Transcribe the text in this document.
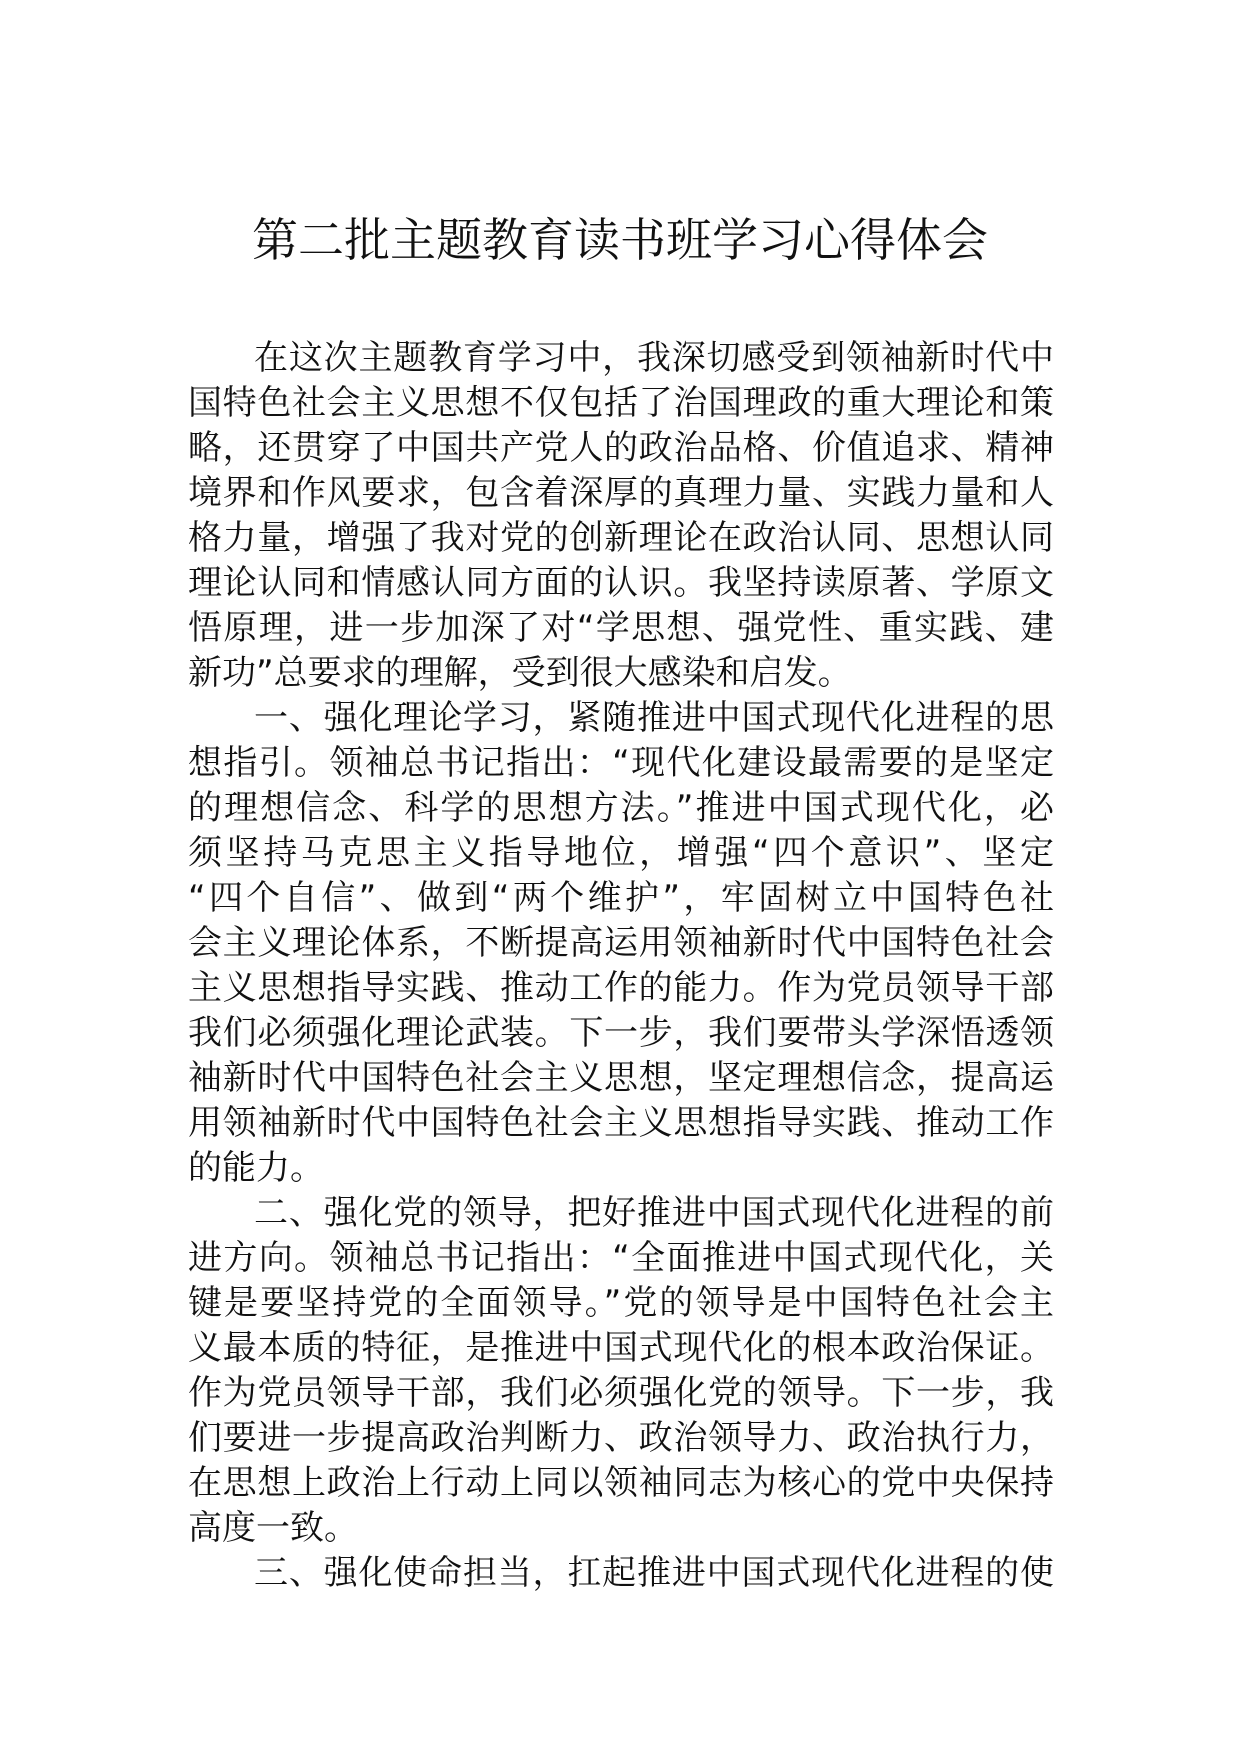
第二批主题教育读书班学习心得体会
在这次主题教育学习中，我深切感受到领袖新时代中
国特色社会主义思想不仅包括了治国理政的重大理论和策
略，还贯穿了中国共产党人的政治品格、价值追求、精神
境界和作风要求，包含着深厚的真理力量、实践力量和人
格力量，增强了我对党的创新理论在政治认同、思想认同
理论认同和情感认同方面的认识。我坚持读原著、学原文
悟原理，进一步加深了对“学思想、强党性、重实践、建
新功”总要求的理解，受到很大感染和启发。
一、强化理论学习，紧随推进中国式现代化进程的思
想指引。领袖总书记指出：“现代化建设最需要的是坚定
的理想信念、科学的思想方法。”推进中国式现代化，必
须坚持马克思主义指导地位，增强“四个意识”、坚定
“四个自信”、做到“两个维护”，牢固树立中国特色社
会主义理论体系，不断提高运用领袖新时代中国特色社会
主义思想指导实践、推动工作的能力。作为党员领导干部
我们必须强化理论武装。下一步，我们要带头学深悟透领
袖新时代中国特色社会主义思想，坚定理想信念，提高运
用领袖新时代中国特色社会主义思想指导实践、推动工作
的能力。
二、强化党的领导，把好推进中国式现代化进程的前
进方向。领袖总书记指出：“全面推进中国式现代化，关
键是要坚持党的全面领导。”党的领导是中国特色社会主
义最本质的特征，是推进中国式现代化的根本政治保证。
作为党员领导干部，我们必须强化党的领导。下一步，我
们要进一步提高政治判断力、政治领导力、政治执行力，
在思想上政治上行动上同以领袖同志为核心的党中央保持
高度一致。
三、强化使命担当，扛起推进中国式现代化进程的使
